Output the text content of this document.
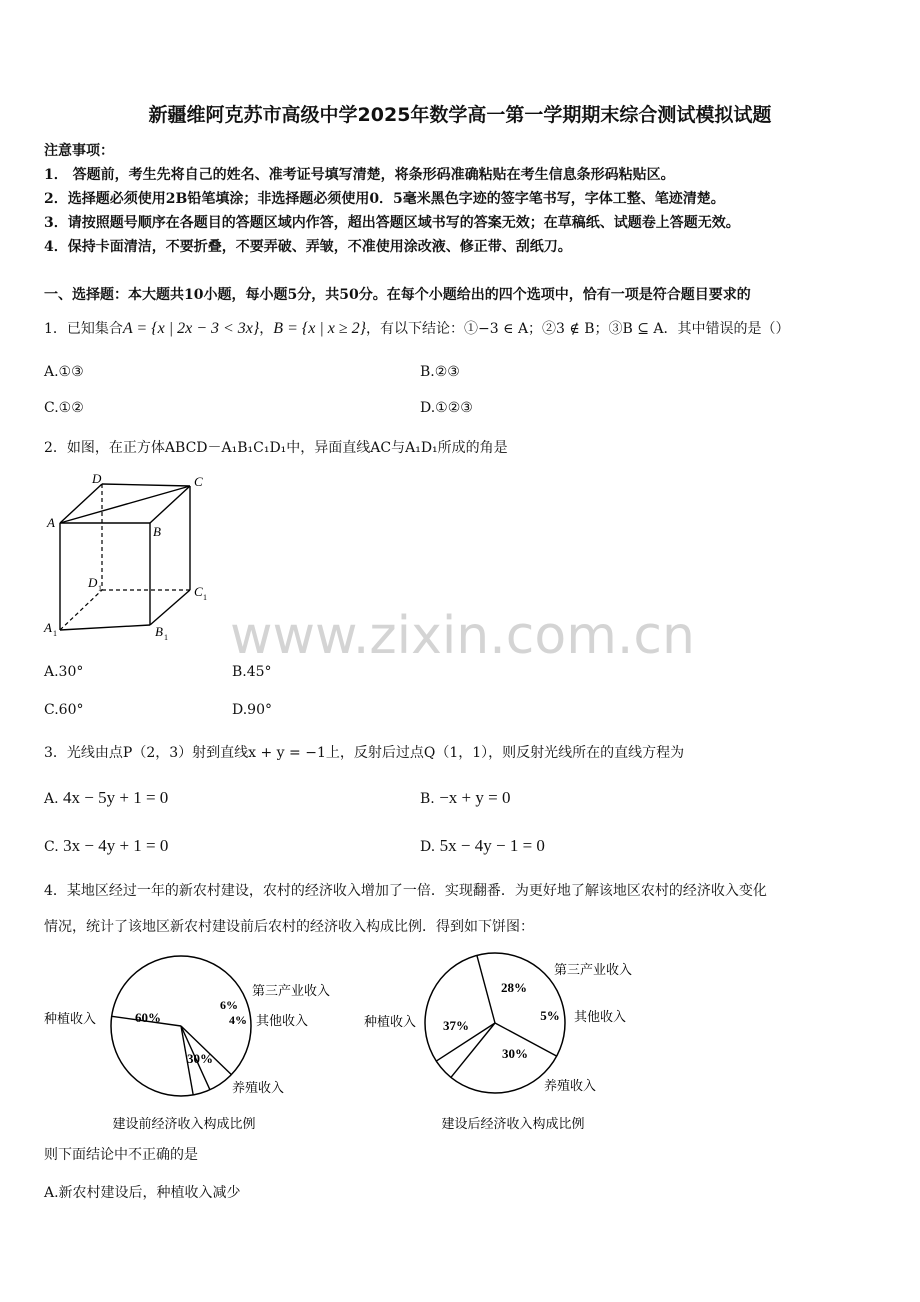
新疆维阿克苏市高级中学2025年数学高一第一学期期末综合测试模拟试题
注意事项：
1． 答题前，考生先将自己的姓名、准考证号填写清楚，将条形码准确粘贴在考生信息条形码粘贴区。
2．选择题必须使用2B铅笔填涂；非选择题必须使用0．5毫米黑色字迹的签字笔书写，字体工整、笔迹清楚。
3．请按照题号顺序在各题目的答题区域内作答，超出答题区域书写的答案无效；在草稿纸、试题卷上答题无效。
4．保持卡面清洁，不要折叠，不要弄破、弄皱，不准使用涂改液、修正带、刮纸刀。
一、选择题：本大题共10小题，每小题5分，共50分。在每个小题给出的四个选项中，恰有一项是符合题目要求的
1．已知集合A = {x | 2x − 3 < 3x}，B = {x | x ≥ 2}，有以下结论：①−3 ∈ A；②3 ∉ B；③B ⊆ A．其中错误的是（）
A.①③	B.②③
C.①②	D.①②③
2．如图，在正方体ABCD－A₁B₁C₁D₁中，异面直线AC与A₁D₁所成的角是
D	C
A
B
D 1	C 1
A 1	B 1 www.zixin.com.cn
A.30°	B.45°
C.60°	D.90°
3．光线由点P（2，3）射到直线x + y = −1上，反射后过点Q（1，1），则反射光线所在的直线方程为
A. 4x − 5y + 1 = 0	B. −x + y = 0
C. 3x − 4y + 1 = 0	D. 5x − 4y − 1 = 0
4．某地区经过一年的新农村建设，农村的经济收入增加了一倍．实现翻番．为更好地了解该地区农村的经济收入变化
情况，统计了该地区新农村建设前后农村的经济收入构成比例．得到如下饼图：
60%
6%
4%
30%
种植收入
第三产业收入
其他收入
养殖收入
建设前经济收入构成比例
37%
28%
5%
30%
种植收入
第三产业收入
其他收入
养殖收入
建设后经济收入构成比例
则下面结论中不正确的是
A.新农村建设后，种植收入减少
